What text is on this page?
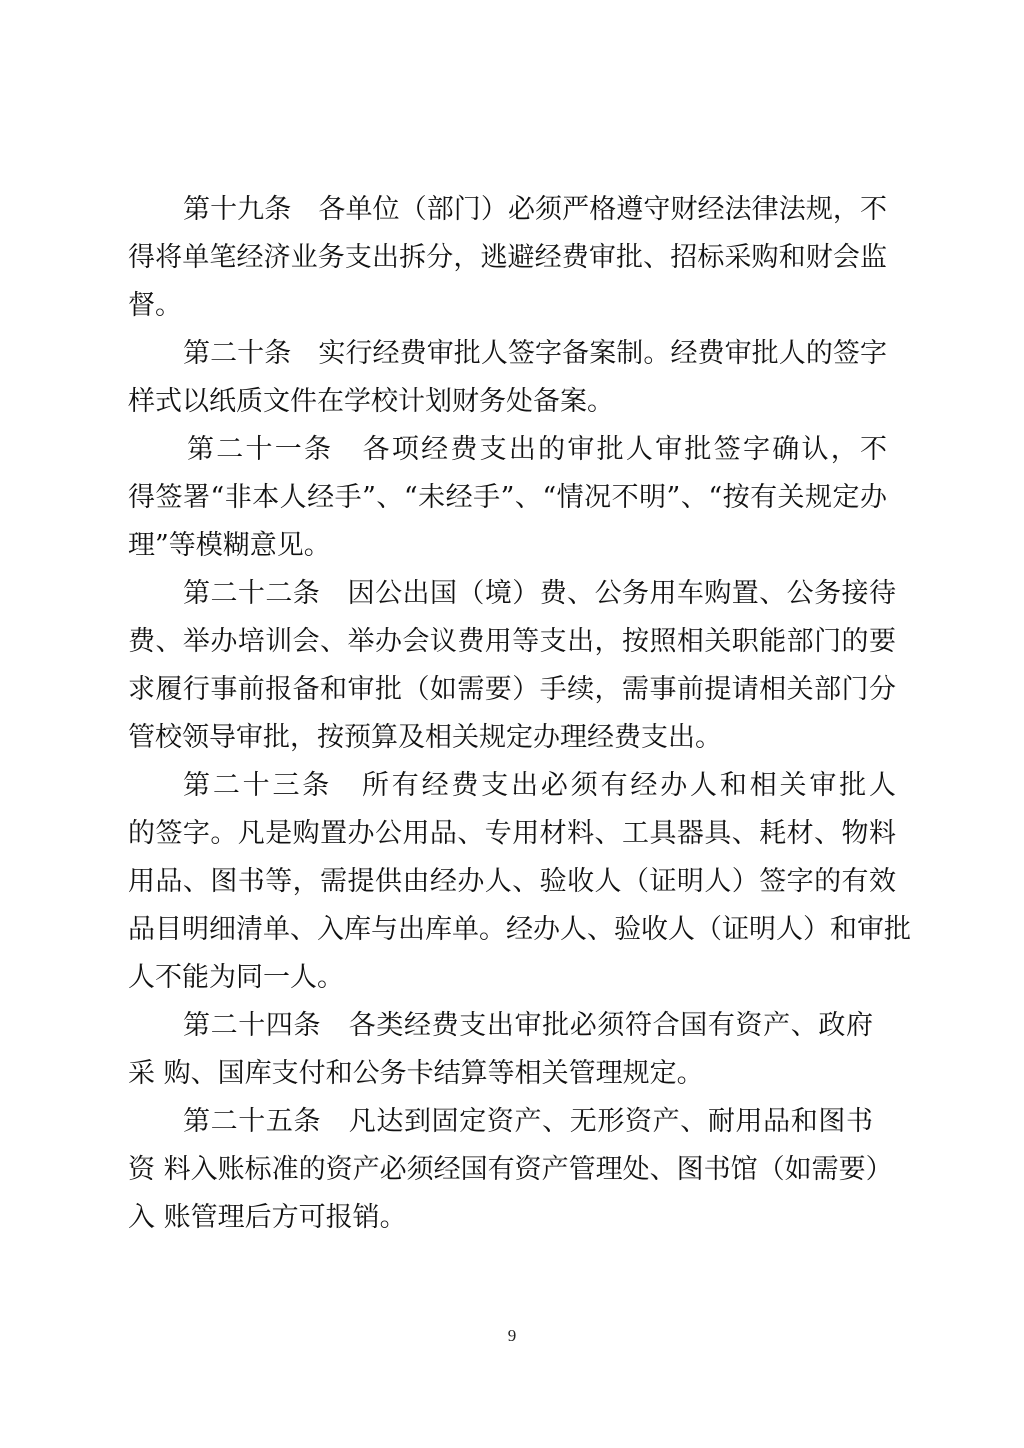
第十九条　各单位（部门）必须严格遵守财经法律法规，不
得将单笔经济业务支出拆分，逃避经费审批、招标采购和财会监
督。
第二十条　实行经费审批人签字备案制。经费审批人的签字
样式以纸质文件在学校计划财务处备案。
第二十一条　各项经费支出的审批人审批签字确认，不
得签署“非本人经手”、“未经手”、“情况不明”、“按有关规定办
理”等模糊意见。
第二十二条　因公出国（境）费、公务用车购置、公务接待
费、举办培训会、举办会议费用等支出，按照相关职能部门的要
求履行事前报备和审批（如需要）手续，需事前提请相关部门分
管校领导审批，按预算及相关规定办理经费支出。
第二十三条　所有经费支出必须有经办人和相关审批人
的签字。凡是购置办公用品、专用材料、工具器具、耗材、物料
用品、图书等，需提供由经办人、验收人（证明人）签字的有效
品目明细清单、入库与出库单。经办人、验收人（证明人）和审批
人不能为同一人。
第二十四条　各类经费支出审批必须符合国有资产、政府
采 购、国库支付和公务卡结算等相关管理规定。
第二十五条　凡达到固定资产、无形资产、耐用品和图书
资 料入账标准的资产必须经国有资产管理处、图书馆（如需要）
入 账管理后方可报销。
9
